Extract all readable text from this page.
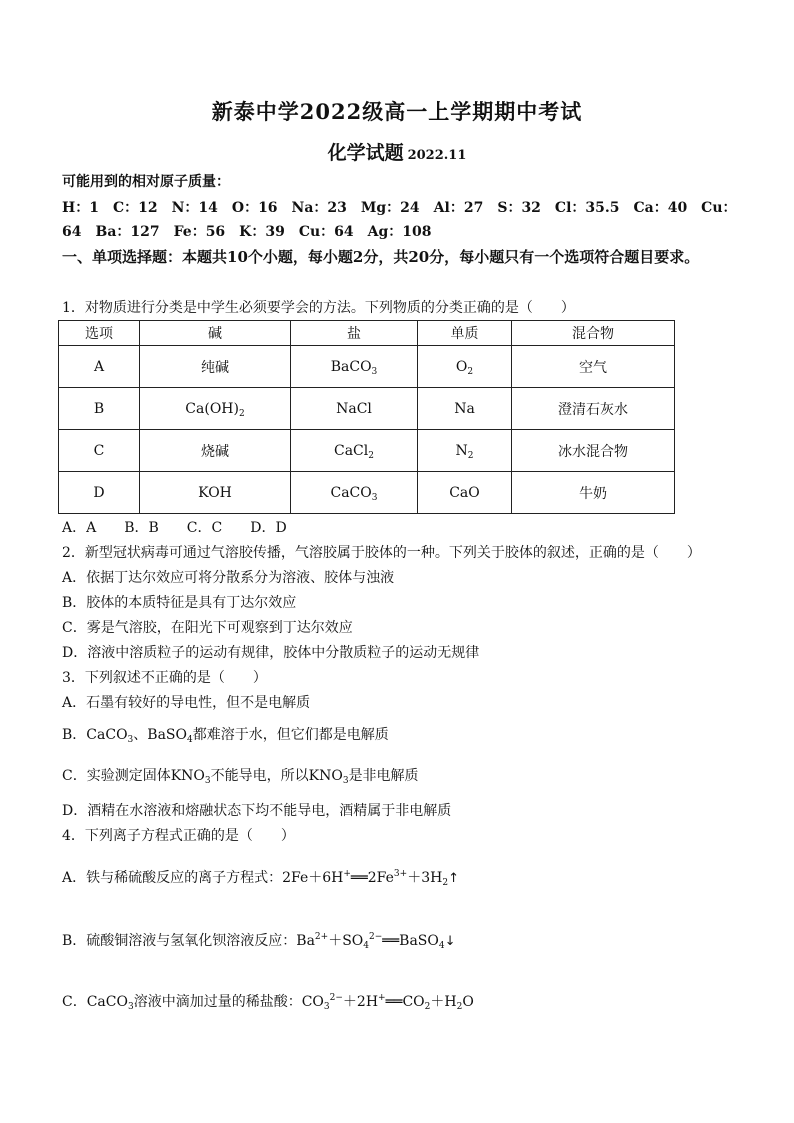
新泰中学2022级高一上学期期中考试
化学试题 2022.11
可能用到的相对原子质量：
H：1　C：12　N：14　O：16　Na：23　Mg：24　Al：27　S：32　Cl：35.5　Ca：40　Cu：
64　Ba：127　Fe：56　K：39　Cu：64　Ag：108
一、单项选择题：本题共10个小题，每小题2分，共20分，每小题只有一个选项符合题目要求。
1．对物质进行分类是中学生必须要学会的方法。下列物质的分类正确的是（　　）
选项	碱	盐	单质	混合物
A	纯碱	BaCO$_3$	$O_2$	空气
B	$Ca(OH)_2$	NaCl	Na	澄清石灰水
C	烧碱	CaCl$_2$	$N_2$	冰水混合物
D	KOH	CaCO$_3$	CaO	牛奶
A．A　　B．B　　C．C　　D．D
2．新型冠状病毒可通过气溶胶传播，气溶胶属于胶体的一种。下列关于胶体的叙述，正确的是（　　）
A．依据丁达尔效应可将分散系分为溶液、胶体与浊液
B．胶体的本质特征是具有丁达尔效应
C．雾是气溶胶，在阳光下可观察到丁达尔效应
D．溶液中溶质粒子的运动有规律，胶体中分散质粒子的运动无规律
3．下列叙述不正确的是（　　）
A．石墨有较好的导电性，但不是电解质
B．CaCO$_3$、BaSO$_4$都难溶于水，但它们都是电解质
C．实验测定固体$KNO_3$不能导电，所以$KNO_3$是非电解质
D．酒精在水溶液和熔融状态下均不能导电，酒精属于非电解质
4．下列离子方程式正确的是（　　）
A．铁与稀硫酸反应的离子方程式：$2Fe+6H^+══2Fe^{3+}+3H_2↑$
B．硫酸铜溶液与氢氧化钡溶液反应：$Ba^{2+}+SO_4^{2-}══BaSO_4↓$
C．CaCO$_3$溶液中滴加过量的稀盐酸：$CO_3^{2-}+2H^+══CO_2+H_2O$
